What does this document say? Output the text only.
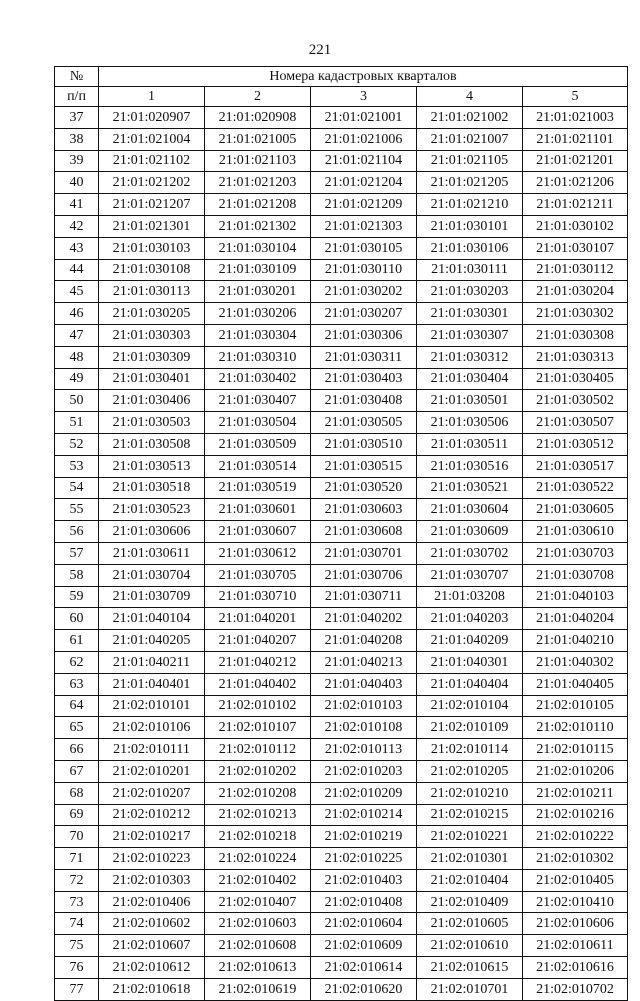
221
№	Номера кадастровых кварталов				
п/п	1	2	3	4	5
37	21:01:020907	21:01:020908	21:01:021001	21:01:021002	21:01:021003
38	21:01:021004	21:01:021005	21:01:021006	21:01:021007	21:01:021101
39	21:01:021102	21:01:021103	21:01:021104	21:01:021105	21:01:021201
40	21:01:021202	21:01:021203	21:01:021204	21:01:021205	21:01:021206
41	21:01:021207	21:01:021208	21:01:021209	21:01:021210	21:01:021211
42	21:01:021301	21:01:021302	21:01:021303	21:01:030101	21:01:030102
43	21:01:030103	21:01:030104	21:01:030105	21:01:030106	21:01:030107
44	21:01:030108	21:01:030109	21:01:030110	21:01:030111	21:01:030112
45	21:01:030113	21:01:030201	21:01:030202	21:01:030203	21:01:030204
46	21:01:030205	21:01:030206	21:01:030207	21:01:030301	21:01:030302
47	21:01:030303	21:01:030304	21:01:030306	21:01:030307	21:01:030308
48	21:01:030309	21:01:030310	21:01:030311	21:01:030312	21:01:030313
49	21:01:030401	21:01:030402	21:01:030403	21:01:030404	21:01:030405
50	21:01:030406	21:01:030407	21:01:030408	21:01:030501	21:01:030502
51	21:01:030503	21:01:030504	21:01:030505	21:01:030506	21:01:030507
52	21:01:030508	21:01:030509	21:01:030510	21:01:030511	21:01:030512
53	21:01:030513	21:01:030514	21:01:030515	21:01:030516	21:01:030517
54	21:01:030518	21:01:030519	21:01:030520	21:01:030521	21:01:030522
55	21:01:030523	21:01:030601	21:01:030603	21:01:030604	21:01:030605
56	21:01:030606	21:01:030607	21:01:030608	21:01:030609	21:01:030610
57	21:01:030611	21:01:030612	21:01:030701	21:01:030702	21:01:030703
58	21:01:030704	21:01:030705	21:01:030706	21:01:030707	21:01:030708
59	21:01:030709	21:01:030710	21:01:030711	21:01:03208	21:01:040103
60	21:01:040104	21:01:040201	21:01:040202	21:01:040203	21:01:040204
61	21:01:040205	21:01:040207	21:01:040208	21:01:040209	21:01:040210
62	21:01:040211	21:01:040212	21:01:040213	21:01:040301	21:01:040302
63	21:01:040401	21:01:040402	21:01:040403	21:01:040404	21:01:040405
64	21:02:010101	21:02:010102	21:02:010103	21:02:010104	21:02:010105
65	21:02:010106	21:02:010107	21:02:010108	21:02:010109	21:02:010110
66	21:02:010111	21:02:010112	21:02:010113	21:02:010114	21:02:010115
67	21:02:010201	21:02:010202	21:02:010203	21:02:010205	21:02:010206
68	21:02:010207	21:02:010208	21:02:010209	21:02:010210	21:02:010211
69	21:02:010212	21:02:010213	21:02:010214	21:02:010215	21:02:010216
70	21:02:010217	21:02:010218	21:02:010219	21:02:010221	21:02:010222
71	21:02:010223	21:02:010224	21:02:010225	21:02:010301	21:02:010302
72	21:02:010303	21:02:010402	21:02:010403	21:02:010404	21:02:010405
73	21:02:010406	21:02:010407	21:02:010408	21:02:010409	21:02:010410
74	21:02:010602	21:02:010603	21:02:010604	21:02:010605	21:02:010606
75	21:02:010607	21:02:010608	21:02:010609	21:02:010610	21:02:010611
76	21:02:010612	21:02:010613	21:02:010614	21:02:010615	21:02:010616
77	21:02:010618	21:02:010619	21:02:010620	21:02:010701	21:02:010702
